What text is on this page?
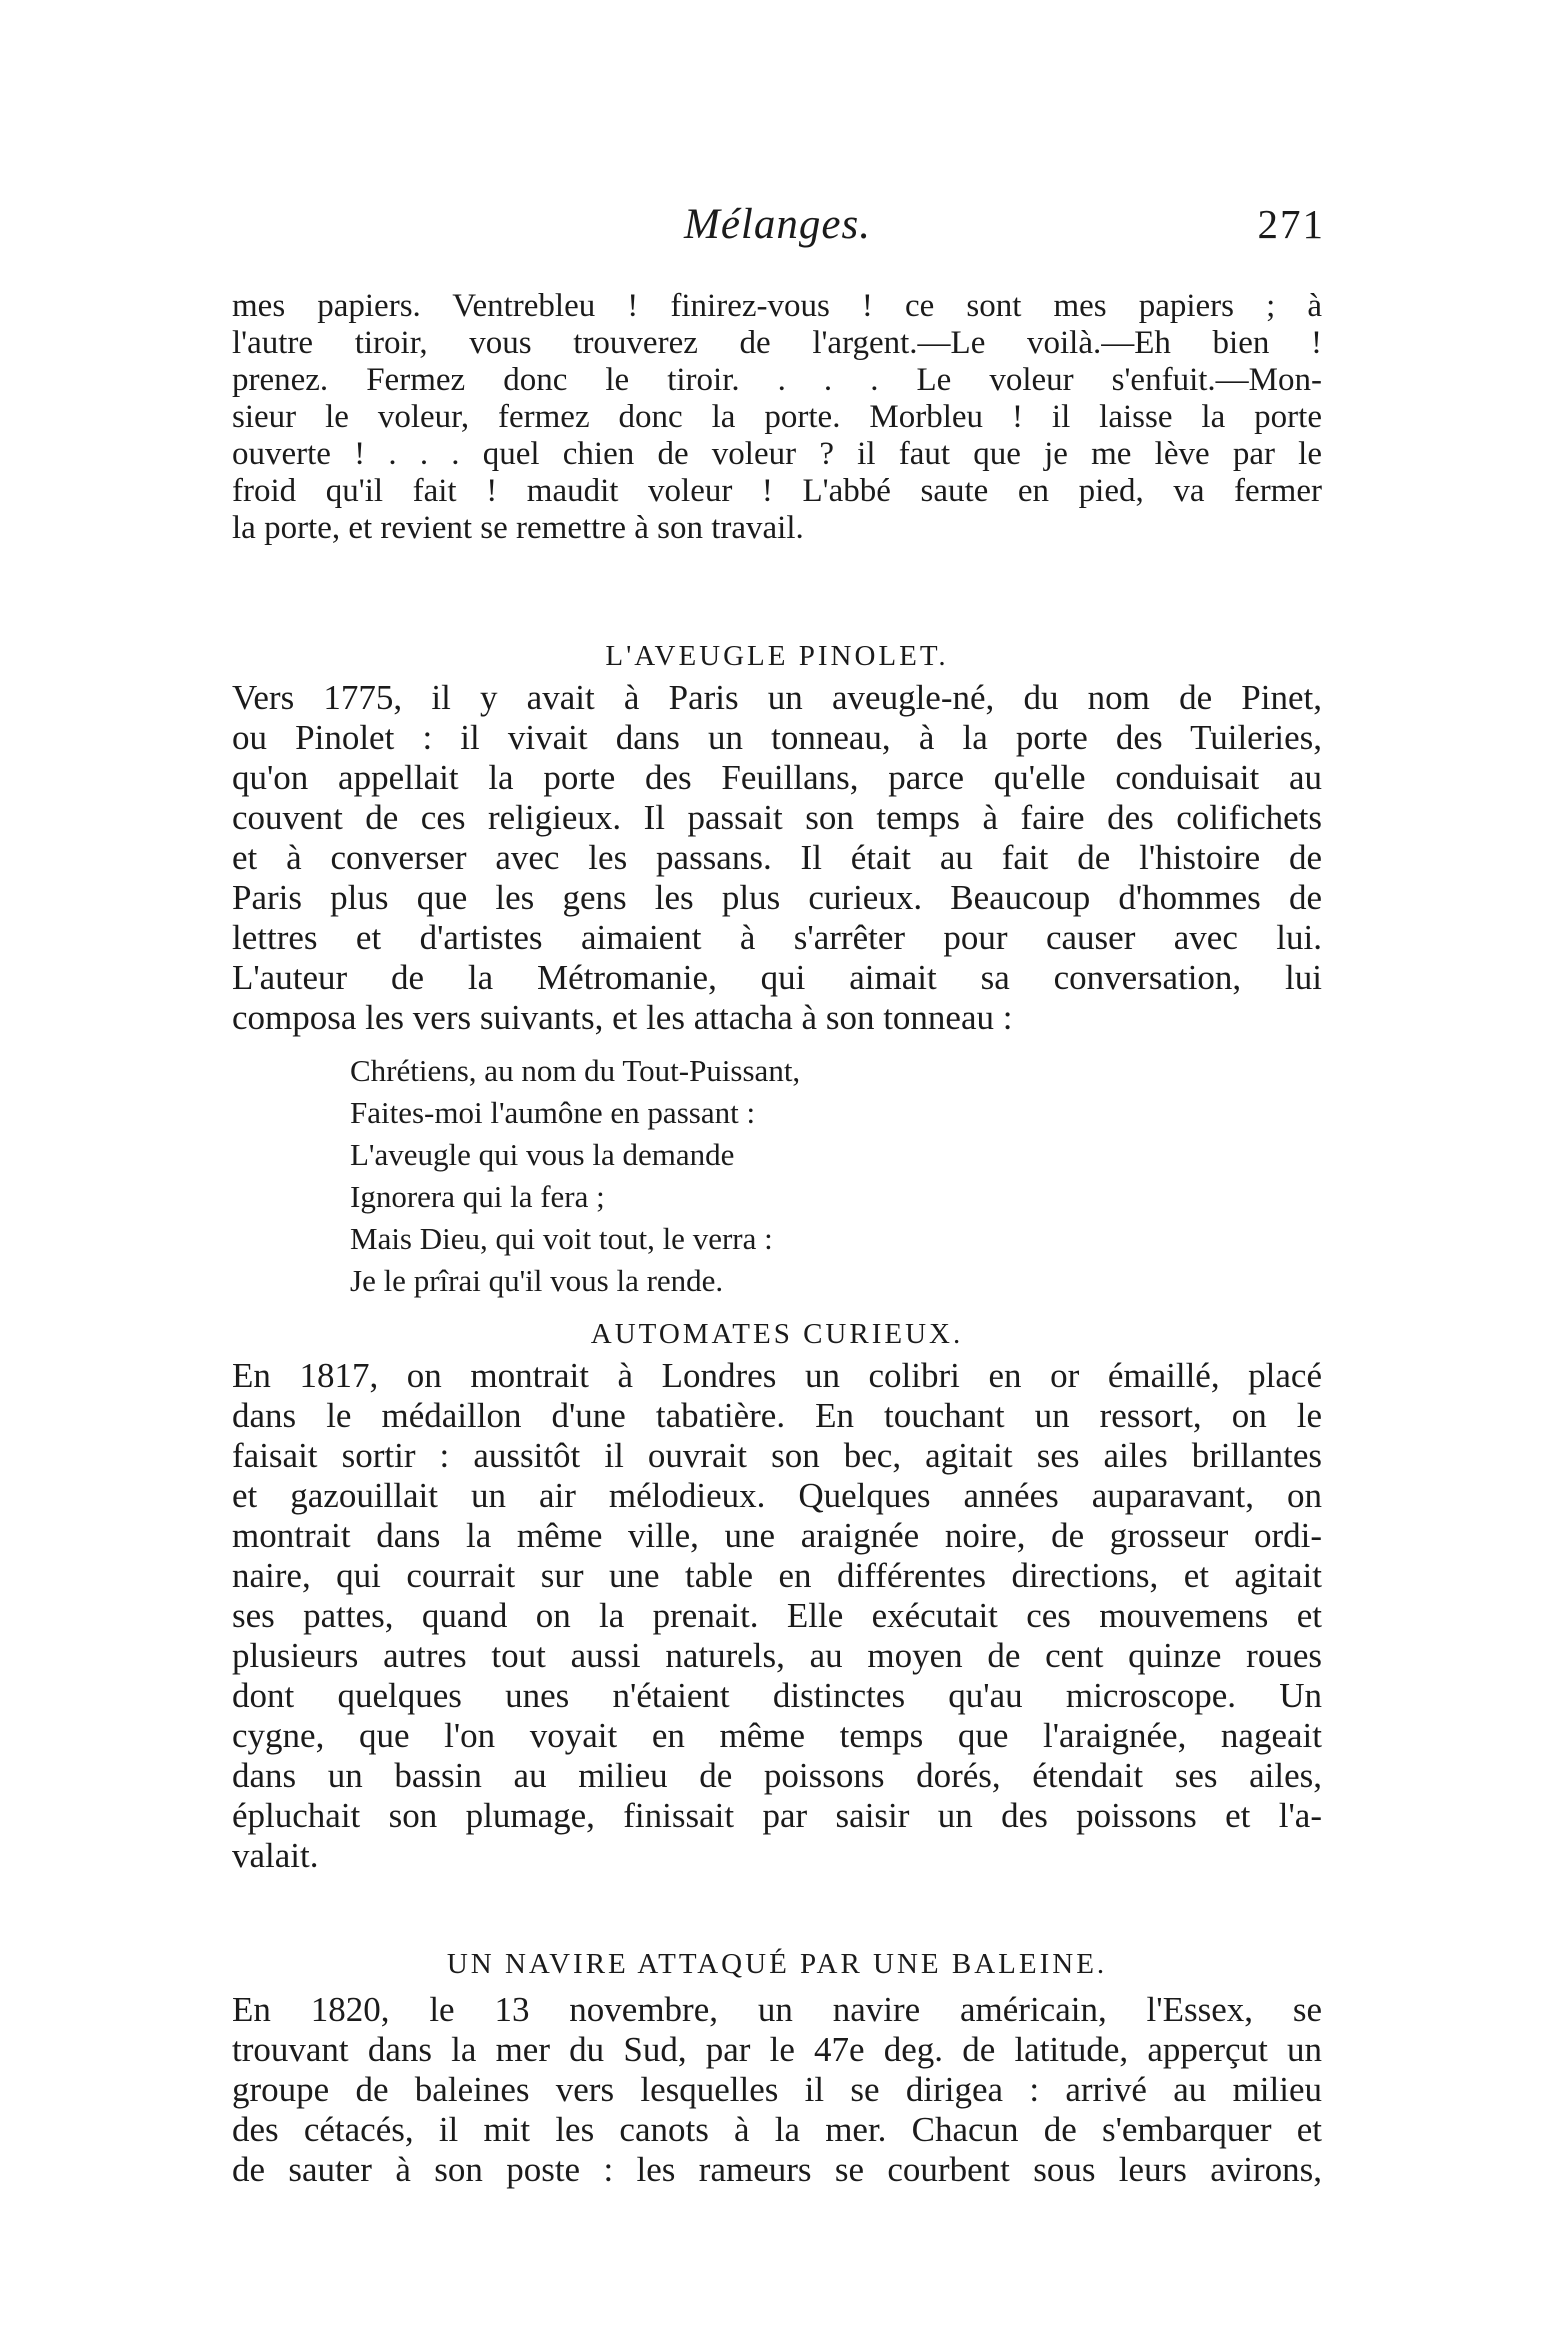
Mélanges.	271
mes papiers. Ventrebleu ! finirez-vous ! ce sont mes papiers ; à
l'autre tiroir, vous trouverez de l'argent.—Le voilà.—Eh bien !
prenez. Fermez donc le tiroir. . . . Le voleur s'enfuit.—Mon-
sieur le voleur, fermez donc la porte. Morbleu ! il laisse la porte
ouverte ! . . . quel chien de voleur ? il faut que je me lève par le
froid qu'il fait ! maudit voleur ! L'abbé saute en pied, va fermer
la porte, et revient se remettre à son travail.
L'AVEUGLE PINOLET.
Vers 1775, il y avait à Paris un aveugle-né, du nom de Pinet,
ou Pinolet : il vivait dans un tonneau, à la porte des Tuileries,
qu'on appellait la porte des Feuillans, parce qu'elle conduisait au
couvent de ces religieux. Il passait son temps à faire des colifichets
et à converser avec les passans. Il était au fait de l'histoire de
Paris plus que les gens les plus curieux. Beaucoup d'hommes de
lettres et d'artistes aimaient à s'arrêter pour causer avec lui.
L'auteur de la Métromanie, qui aimait sa conversation, lui
composa les vers suivants, et les attacha à son tonneau :
Chrétiens, au nom du Tout-Puissant,
Faites-moi l'aumône en passant :
L'aveugle qui vous la demande
Ignorera qui la fera ;
Mais Dieu, qui voit tout, le verra :
Je le prîrai qu'il vous la rende.
AUTOMATES CURIEUX.
En 1817, on montrait à Londres un colibri en or émaillé, placé
dans le médaillon d'une tabatière. En touchant un ressort, on le
faisait sortir : aussitôt il ouvrait son bec, agitait ses ailes brillantes
et gazouillait un air mélodieux. Quelques années auparavant, on
montrait dans la même ville, une araignée noire, de grosseur ordi-
naire, qui courrait sur une table en différentes directions, et agitait
ses pattes, quand on la prenait. Elle exécutait ces mouvemens et
plusieurs autres tout aussi naturels, au moyen de cent quinze roues
dont quelques unes n'étaient distinctes qu'au microscope. Un
cygne, que l'on voyait en même temps que l'araignée, nageait
dans un bassin au milieu de poissons dorés, étendait ses ailes,
épluchait son plumage, finissait par saisir un des poissons et l'a-
valait.
UN NAVIRE ATTAQUÉ PAR UNE BALEINE.
En 1820, le 13 novembre, un navire américain, l'Essex, se
trouvant dans la mer du Sud, par le 47e deg. de latitude, apperçut un
groupe de baleines vers lesquelles il se dirigea : arrivé au milieu
des cétacés, il mit les canots à la mer. Chacun de s'embarquer et
de sauter à son poste : les rameurs se courbent sous leurs avirons,
